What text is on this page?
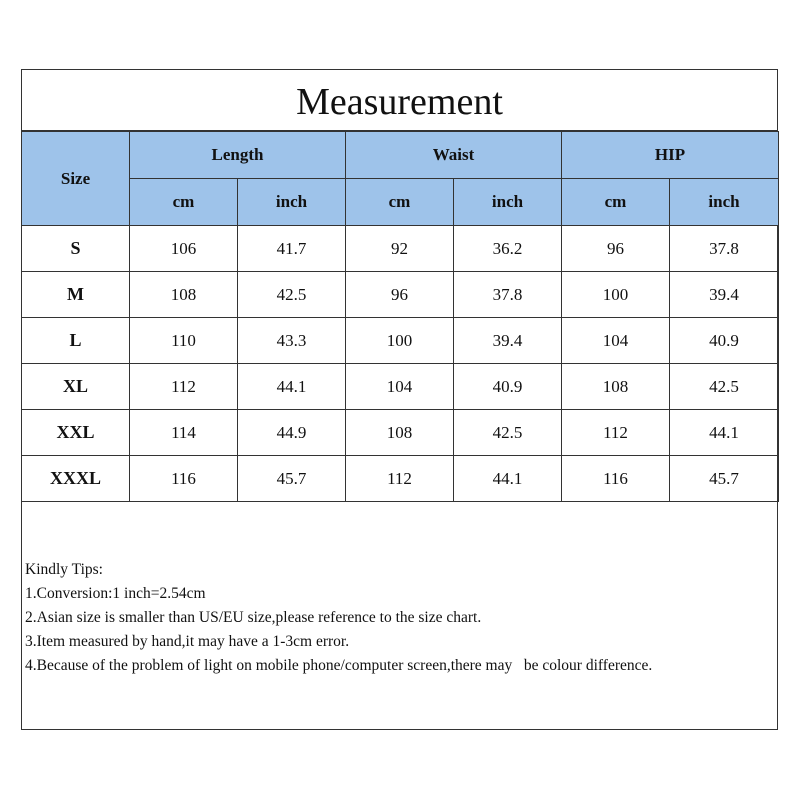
Measurement
Size	Length		Waist		HIP	
	cm	inch	cm	inch	cm	inch
S	106	41.7	92	36.2	96	37.8
M	108	42.5	96	37.8	100	39.4
L	110	43.3	100	39.4	104	40.9
XL	112	44.1	104	40.9	108	42.5
XXL	114	44.9	108	42.5	112	44.1
XXXL	116	45.7	112	44.1	116	45.7
Kindly Tips:
1.Conversion:1 inch=2.54cm
2.Asian size is smaller than US/EU size,please reference to the size chart.
3.Item measured by hand,it may have a 1-3cm error.
4.Because of the problem of light on mobile phone/computer screen,there may   be colour difference.
